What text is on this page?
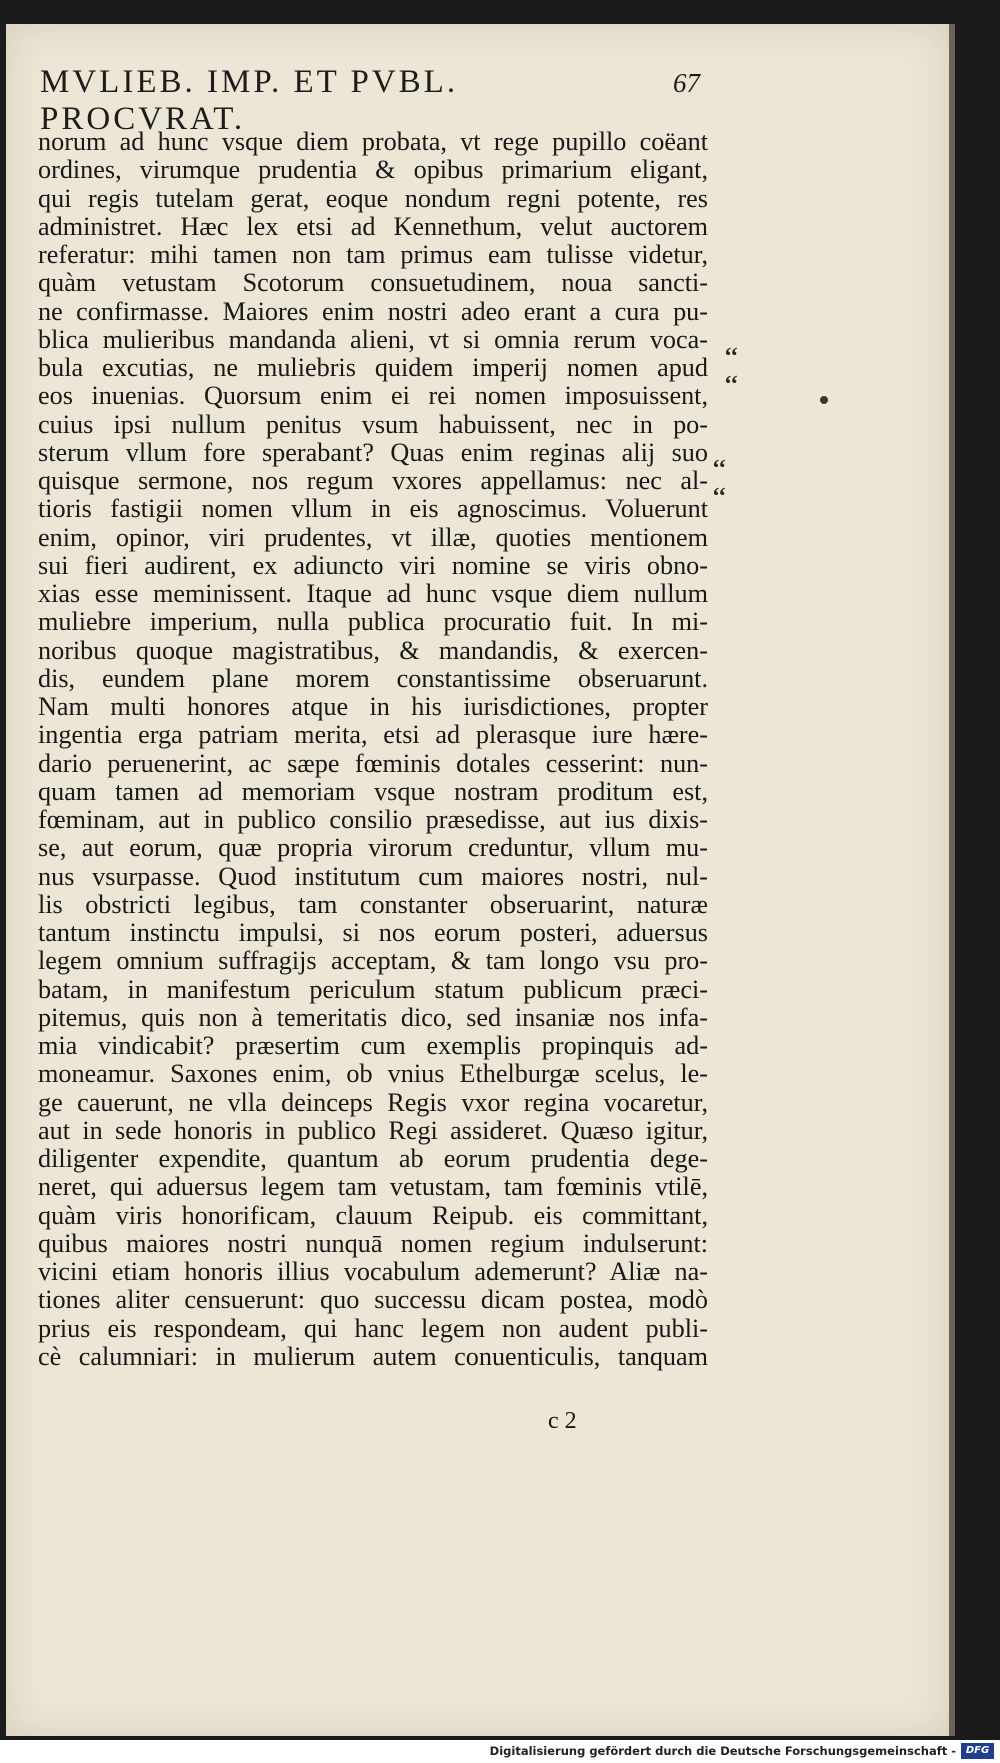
MVLIEB. IMP. ET PVBL. PROCVRAT.
67
norum ad hunc vsque diem probata, vt rege pupillo coëant
ordines, virumque prudentia & opibus primarium eligant,
qui regis tutelam gerat, eoque nondum regni potente, res
administret. Hæc lex etsi ad Kennethum, velut auctorem
referatur: mihi tamen non tam primus eam tulisse videtur,
quàm vetustam Scotorum consuetudinem, noua sancti-
ne confirmasse. Maiores enim nostri adeo erant a cura pu-
blica mulieribus mandanda alieni, vt si omnia rerum voca-
bula excutias, ne muliebris quidem imperij nomen apud
eos inuenias. Quorsum enim ei rei nomen imposuissent,
cuius ipsi nullum penitus vsum habuissent, nec in po-
sterum vllum fore sperabant? Quas enim reginas alij suo
quisque sermone, nos regum vxores appellamus: nec al-
tioris fastigii nomen vllum in eis agnoscimus. Voluerunt
enim, opinor, viri prudentes, vt illæ, quoties mentionem
sui fieri audirent, ex adiuncto viri nomine se viris obno-
xias esse meminissent. Itaque ad hunc vsque diem nullum
muliebre imperium, nulla publica procuratio fuit. In mi-
noribus quoque magistratibus, & mandandis, & exercen-
dis, eundem plane morem constantissime obseruarunt.
Nam multi honores atque in his iurisdictiones, propter
ingentia erga patriam merita, etsi ad plerasque iure hære-
dario peruenerint, ac sæpe fœminis dotales cesserint: nun-
quam tamen ad memoriam vsque nostram proditum est,
fœminam, aut in publico consilio præsedisse, aut ius dixis-
se, aut eorum, quæ propria virorum creduntur, vllum mu-
nus vsurpasse. Quod institutum cum maiores nostri, nul-
lis obstricti legibus, tam constanter obseruarint, naturæ
tantum instinctu impulsi, si nos eorum posteri, aduersus
legem omnium suffragijs acceptam, & tam longo vsu pro-
batam, in manifestum periculum statum publicum præci-
pitemus, quis non à temeritatis dico, sed insaniæ nos infa-
mia vindicabit? præsertim cum exemplis propinquis ad-
moneamur. Saxones enim, ob vnius Ethelburgæ scelus, le-
ge cauerunt, ne vlla deinceps Regis vxor regina vocaretur,
aut in sede honoris in publico Regi assideret. Quæso igitur,
diligenter expendite, quantum ab eorum prudentia dege-
neret, qui aduersus legem tam vetustam, tam fœminis vtilē,
quàm viris honorificam, clauum Reipub. eis committant,
quibus maiores nostri nunquā nomen regium indulserunt:
vicini etiam honoris illius vocabulum ademerunt? Aliæ na-
tiones aliter censuerunt: quo successu dicam postea, modò
prius eis respondeam, qui hanc legem non audent publi-
cè calumniari: in mulierum autem conuenticulis, tanquam
‘‘
‘‘
‘‘
‘‘
c 2
Digitalisierung gefördert durch die Deutsche Forschungsgemeinschaft - DFG
